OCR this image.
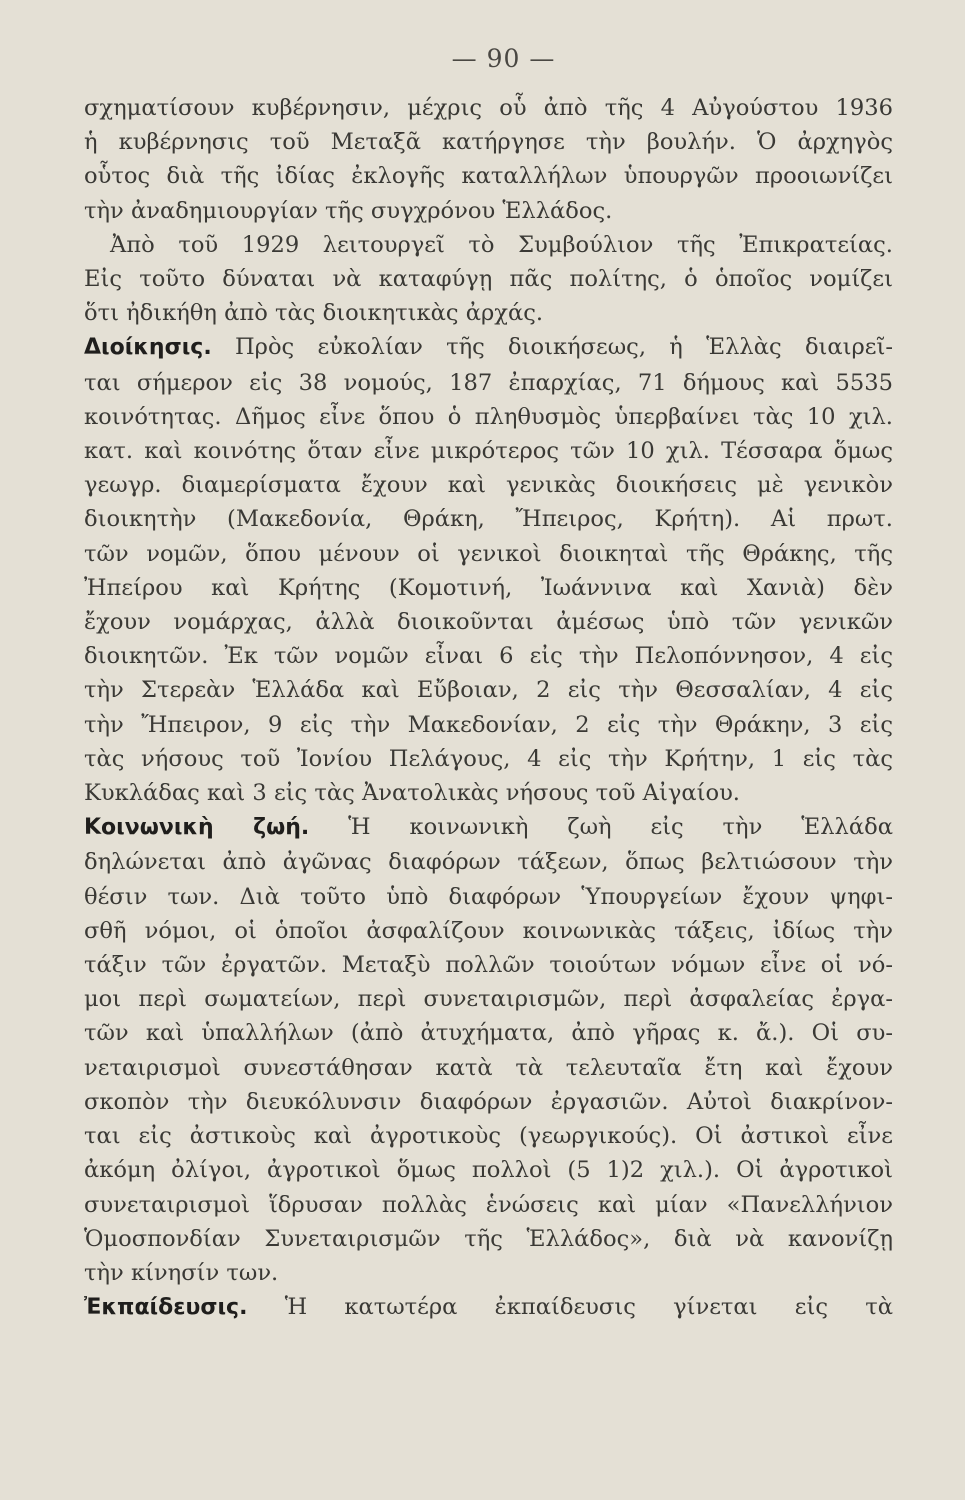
— 90 —
σχηματίσουν κυβέρνησιν, μέχρις οὗ ἀπὸ τῆς 4 Αὐγούστου 1936
ἡ κυβέρνησις τοῦ Μεταξᾶ κατήργησε τὴν βουλήν. Ὁ ἀρχηγὸς
οὗτος διὰ τῆς ἰδίας ἐκλογῆς καταλλήλων ὑπουργῶν προοιωνίζει
τὴν ἀναδημιουργίαν τῆς συγχρόνου Ἑλλάδος.
Ἀπὸ τοῦ 1929 λειτουργεῖ τὸ Συμβούλιον τῆς Ἐπικρατείας.
Εἰς τοῦτο δύναται νὰ καταφύγῃ πᾶς πολίτης, ὁ ὁποῖος νομίζει
ὅτι ἠδικήθη ἀπὸ τὰς διοικητικὰς ἀρχάς.
Διοίκησις. Πρὸς εὐκολίαν τῆς διοικήσεως, ἡ Ἑλλὰς διαιρεῖ-
ται σήμερον εἰς 38 νομούς, 187 ἐπαρχίας, 71 δήμους καὶ 5535
κοινότητας. Δῆμος εἶνε ὅπου ὁ πληθυσμὸς ὑπερβαίνει τὰς 10 χιλ.
κατ. καὶ κοινότης ὅταν εἶνε μικρότερος τῶν 10 χιλ. Τέσσαρα ὅμως
γεωγρ. διαμερίσματα ἔχουν καὶ γενικὰς διοικήσεις μὲ γενικὸν
διοικητὴν (Μακεδονία, Θράκη, Ἤπειρος, Κρήτη). Αἱ πρωτ.
τῶν νομῶν, ὅπου μένουν οἱ γενικοὶ διοικηταὶ τῆς Θράκης, τῆς
Ἠπείρου καὶ Κρήτης (Κομοτινή, Ἰωάννινα καὶ Χανιὰ) δὲν
ἔχουν νομάρχας, ἀλλὰ διοικοῦνται ἀμέσως ὑπὸ τῶν γενικῶν
διοικητῶν. Ἐκ τῶν νομῶν εἶναι 6 εἰς τὴν Πελοπόννησον, 4 εἰς
τὴν Στερεὰν Ἑλλάδα καὶ Εὔβοιαν, 2 εἰς τὴν Θεσσαλίαν, 4 εἰς
τὴν Ἤπειρον, 9 εἰς τὴν Μακεδονίαν, 2 εἰς τὴν Θράκην, 3 εἰς
τὰς νήσους τοῦ Ἰονίου Πελάγους, 4 εἰς τὴν Κρήτην, 1 εἰς τὰς
Κυκλάδας καὶ 3 εἰς τὰς Ἀνατολικὰς νήσους τοῦ Αἰγαίου.
Κοινωνικὴ ζωή. Ἡ κοινωνικὴ ζωὴ εἰς τὴν Ἑλλάδα
δηλώνεται ἀπὸ ἀγῶνας διαφόρων τάξεων, ὅπως βελτιώσουν τὴν
θέσιν των. Διὰ τοῦτο ὑπὸ διαφόρων Ὑπουργείων ἔχουν ψηφι-
σθῆ νόμοι, οἱ ὁποῖοι ἀσφαλίζουν κοινωνικὰς τάξεις, ἰδίως τὴν
τάξιν τῶν ἐργατῶν. Μεταξὺ πολλῶν τοιούτων νόμων εἶνε οἱ νό-
μοι περὶ σωματείων, περὶ συνεταιρισμῶν, περὶ ἀσφαλείας ἐργα-
τῶν καὶ ὑπαλλήλων (ἀπὸ ἀτυχήματα, ἀπὸ γῆρας κ. ἄ.). Οἱ συ-
νεταιρισμοὶ συνεστάθησαν κατὰ τὰ τελευταῖα ἔτη καὶ ἔχουν
σκοπὸν τὴν διευκόλυνσιν διαφόρων ἐργασιῶν. Αὐτοὶ διακρίνον-
ται εἰς ἀστικοὺς καὶ ἀγροτικοὺς (γεωργικούς). Οἱ ἀστικοὶ εἶνε
ἀκόμη ὀλίγοι, ἀγροτικοὶ ὅμως πολλοὶ (5 1)2 χιλ.). Οἱ ἀγροτικοὶ
συνεταιρισμοὶ ἵδρυσαν πολλὰς ἑνώσεις καὶ μίαν «Πανελλήνιον
Ὁμοσπονδίαν Συνεταιρισμῶν τῆς Ἑλλάδος», διὰ νὰ κανονίζῃ
τὴν κίνησίν των.
Ἐκπαίδευσις. Ἡ κατωτέρα ἐκπαίδευσις γίνεται εἰς τὰ
